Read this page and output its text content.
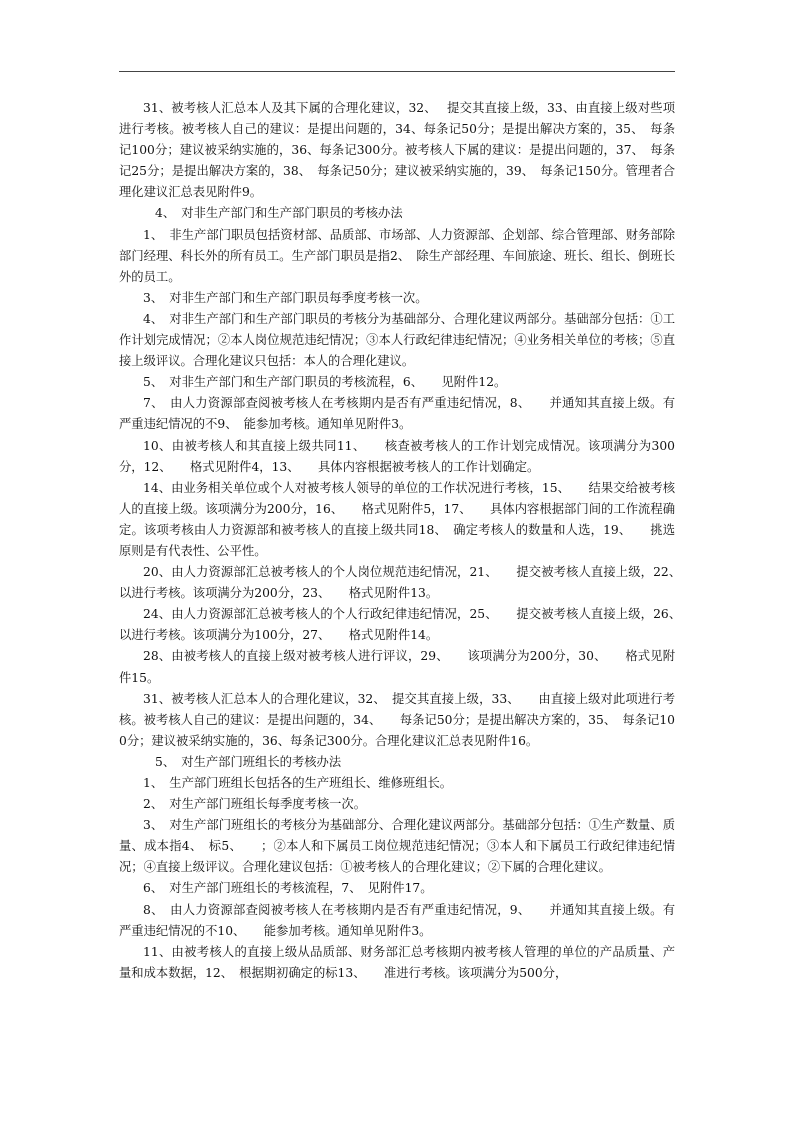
31、被考核人汇总本人及其下属的合理化建议，32、　 提交其直接上级，33、由直接上级对些项进行考核。被考核人自己的建议：是提出问题的，34、每条记50分；是提出解决方案的，35、　每条记100分；建议被采纳实施的，36、每条记300分。被考核人下属的建议：是提出问题的，37、　每条记25分；是提出解决方案的，38、　每条记50分；建议被采纳实施的，39、　每条记150分。管理者合理化建议汇总表见附件9。

4、　对非生产部门和生产部门职员的考核办法

1、　非生产部门职员包括资材部、品质部、市场部、人力资源部、企划部、综合管理部、财务部除部门经理、科长外的所有员工。生产部门职员是指2、　除生产部经理、车间旅途、班长、组长、倒班长外的员工。

3、　对非生产部门和生产部门职员每季度考核一次。

4、　对非生产部门和生产部门职员的考核分为基础部分、合理化建议两部分。基础部分包括：①工作计划完成情况；②本人岗位规范违纪情况；③本人行政纪律违纪情况；④业务相关单位的考核；⑤直接上级评议。合理化建议只包括：本人的合理化建议。

5、　对非生产部门和生产部门职员的考核流程，6、　　见附件12。

7、　由人力资源部查阅被考核人在考核期内是否有严重违纪情况，8、　　并通知其直接上级。有严重违纪情况的不9、　能参加考核。通知单见附件3。

10、由被考核人和其直接上级共同11、　　核查被考核人的工作计划完成情况。该项满分为300分，12、　　格式见附件4，13、　　具体内容根据被考核人的工作计划确定。

14、由业务相关单位或个人对被考核人领导的单位的工作状况进行考核，15、　　结果交给被考核人的直接上级。该项满分为200分，16、　　格式见附件5，17、　　具体内容根据部门间的工作流程确定。该项考核由人力资源部和被考核人的直接上级共同18、　确定考核人的数量和人选，19、　　挑选原则是有代表性、公平性。

20、由人力资源部汇总被考核人的个人岗位规范违纪情况，21、　　提交被考核人直接上级，22、　以进行考核。该项满分为200分，23、　　格式见附件13。

24、由人力资源部汇总被考核人的个人行政纪律违纪情况，25、　　提交被考核人直接上级，26、　以进行考核。该项满分为100分，27、　　格式见附件14。

28、由被考核人的直接上级对被考核人进行评议，29、　　该项满分为200分，30、　　格式见附件15。

31、被考核人汇总本人的合理化建议，32、　提交其直接上级，33、　　由直接上级对此项进行考核。被考核人自己的建议：是提出问题的，34、　　每条记50分；是提出解决方案的，35、　每条记100分；建议被采纳实施的，36、每条记300分。合理化建议汇总表见附件16。

5、　对生产部门班组长的考核办法

1、　生产部门班组长包括各的生产班组长、维修班组长。

2、　对生产部门班组长每季度考核一次。

3、　对生产部门班组长的考核分为基础部分、合理化建议两部分。基础部分包括：①生产数量、质量、成本指4、　标5、　　；②本人和下属员工岗位规范违纪情况；③本人和下属员工行政纪律违纪情况；④直接上级评议。合理化建议包括：①被考核人的合理化建议；②下属的合理化建议。

6、　对生产部门班组长的考核流程，7、　见附件17。

8、　由人力资源部查阅被考核人在考核期内是否有严重违纪情况，9、　　并通知其直接上级。有严重违纪情况的不10、　　能参加考核。通知单见附件3。

11、由被考核人的直接上级从品质部、财务部汇总考核期内被考核人管理的单位的产品质量、产量和成本数据，12、　根据期初确定的标13、　　准进行考核。该项满分为500分，
